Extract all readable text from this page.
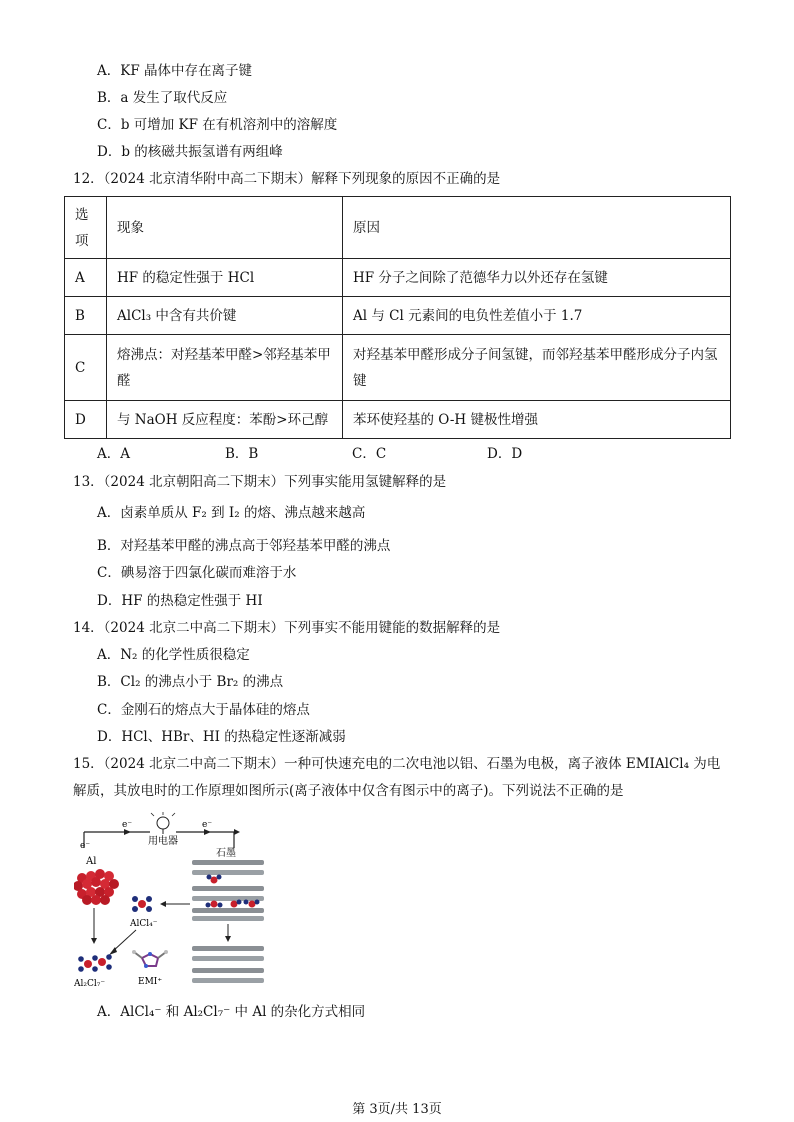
A．KF 晶体中存在离子键
B．a 发生了取代反应
C．b 可增加 KF 在有机溶剂中的溶解度
D．b 的核磁共振氢谱有两组峰
12．（2024 北京清华附中高二下期末）解释下列现象的原因不正确的是
选
项	现象	原因
A	HF 的稳定性强于 HCl	HF 分子之间除了范德华力以外还存在氢键
B	AlCl₃ 中含有共价键	Al 与 Cl 元素间的电负性差值小于 1.7
C	熔沸点：对羟基苯甲醛>邻羟基苯甲醛	对羟基苯甲醛形成分子间氢键，而邻羟基苯甲醛形成分子内氢键
D	与 NaOH 反应程度：苯酚>环己醇	苯环使羟基的 O-H 键极性增强
A．A	B．B	C．C	D．D
13．（2024 北京朝阳高二下期末）下列事实能用氢键解释的是
A．卤素单质从 F₂ 到 I₂ 的熔、沸点越来越高
B．对羟基苯甲醛的沸点高于邻羟基苯甲醛的沸点
C．碘易溶于四氯化碳而难溶于水
D．HF 的热稳定性强于 HI
14．（2024 北京二中高二下期末）下列事实不能用键能的数据解释的是
A．N₂ 的化学性质很稳定
B．Cl₂ 的沸点小于 Br₂ 的沸点
C．金刚石的熔点大于晶体硅的熔点
D．HCl、HBr、HI 的热稳定性逐渐减弱
15．（2024 北京二中高二下期末）一种可快速充电的二次电池以铝、石墨为电极，离子液体 EMIAlCl₄ 为电
解质，其放电时的工作原理如图所示(离子液体中仅含有图示中的离子)。下列说法不正确的是
e⁻
e⁻	e⁻
用电器
Al
石墨
AlCl₄⁻
Al₂Cl₇⁻	EMI⁺
A．AlCl₄⁻ 和 Al₂Cl₇⁻ 中 Al 的杂化方式相同
第 3页/共 13页
